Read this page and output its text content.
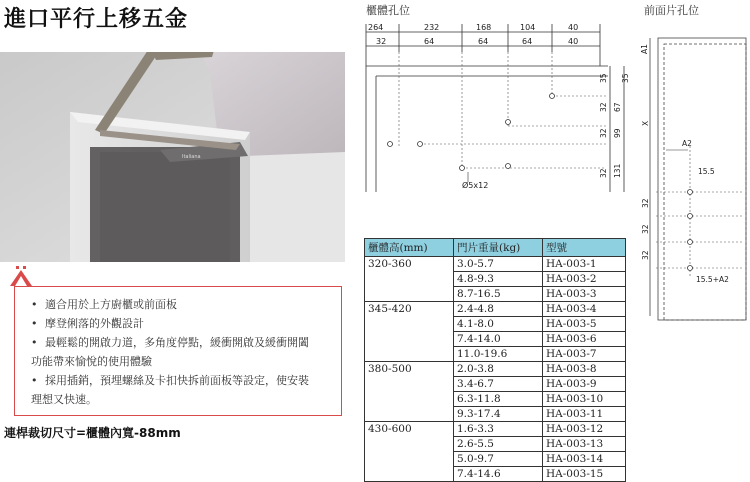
進口平行上移五金
Italiana
• 適合用於上方廚櫃或前面板
• 摩登俐落的外觀設計
• 最輕鬆的開啟力道，多角度停點，緩衝開啟及緩衝開闔
功能帶來愉悅的使用體驗
• 採用插銷，預埋螺絲及卡扣快拆前面板等設定，使安裝
理想又快速。
連桿裁切尺寸=櫃體內寬-88mm
櫃體孔位	前面片孔位
264	232	168	104	40
32	64	64	64	40
35 35
32 67
32 99
131
32
Ø5x12
A1
X
A2
15.5
32
32
32
15.5+A2
櫃體高(mm)	門片重量(kg)	型號
320-360	3.0-5.7	HA-003-1
	4.8-9.3	HA-003-2
	8.7-16.5	HA-003-3
345-420	2.4-4.8	HA-003-4
	4.1-8.0	HA-003-5
	7.4-14.0	HA-003-6
	11.0-19.6	HA-003-7
380-500	2.0-3.8	HA-003-8
	3.4-6.7	HA-003-9
	6.3-11.8	HA-003-10
	9.3-17.4	HA-003-11
430-600	1.6-3.3	HA-003-12
	2.6-5.5	HA-003-13
	5.0-9.7	HA-003-14
	7.4-14.6	HA-003-15
